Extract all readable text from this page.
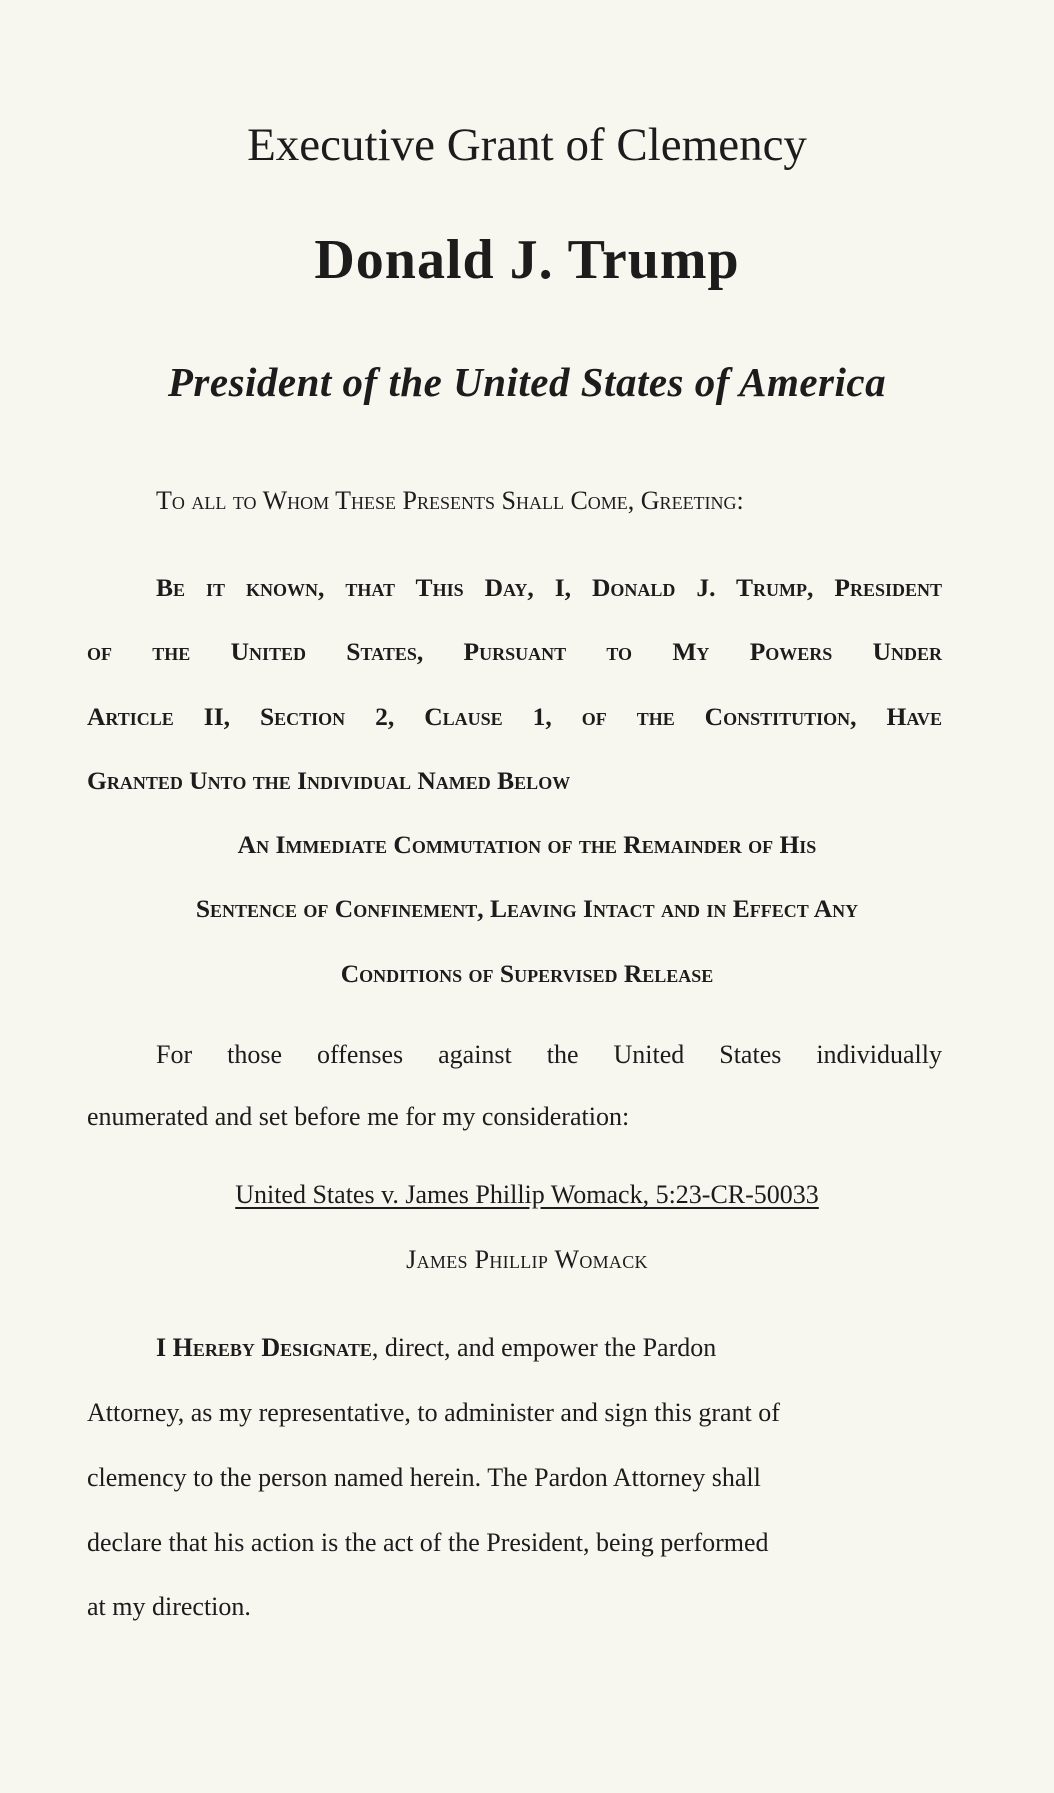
Executive Grant of Clemency
Donald J. Trump
President of the United States of America
To all to Whom These Presents Shall Come, Greeting:
Be it known, that This Day, I, Donald J. Trump, President
of the United States, Pursuant to My Powers Under
Article II, Section 2, Clause 1, of the Constitution, Have
Granted Unto the Individual Named Below
An Immediate Commutation of the Remainder of His
Sentence of Confinement, Leaving Intact and in Effect Any
Conditions of Supervised Release
For those offenses against the United States individually
enumerated and set before me for my consideration:
United States v. James Phillip Womack, 5:23-CR-50033
James Phillip Womack
I Hereby Designate, direct, and empower the Pardon
Attorney, as my representative, to administer and sign this grant of
clemency to the person named herein. The Pardon Attorney shall
declare that his action is the act of the President, being performed
at my direction.
